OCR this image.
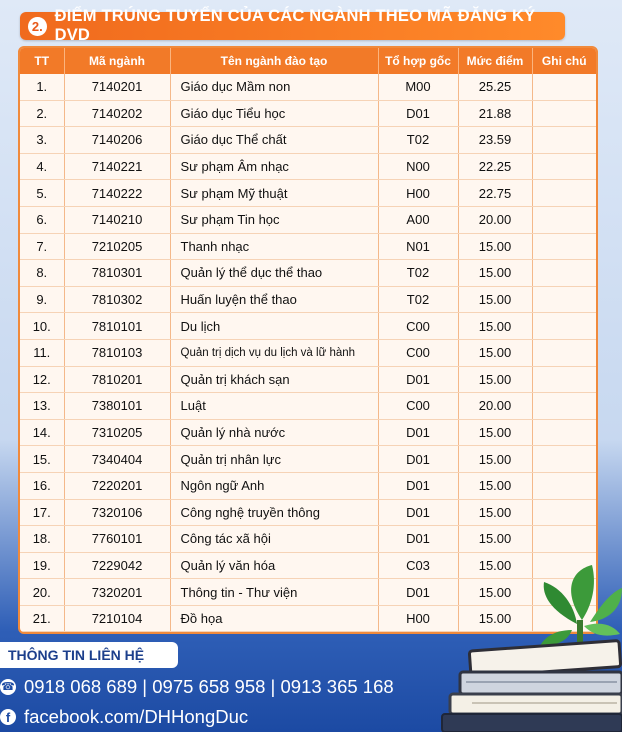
2.
ĐIỂM TRÚNG TUYỂN CỦA CÁC NGÀNH THEO MÃ ĐĂNG KÝ DVD
TT	Mã ngành	Tên ngành đào tạo	Tổ hợp gốc	Mức điểm	Ghi chú
1.	7140201	Giáo dục Mầm non	M00	25.25	
2.	7140202	Giáo dục Tiểu học	D01	21.88	
3.	7140206	Giáo dục Thể chất	T02	23.59	
4.	7140221	Sư phạm Âm nhạc	N00	22.25	
5.	7140222	Sư phạm Mỹ thuật	H00	22.75	
6.	7140210	Sư phạm Tin học	A00	20.00	
7.	7210205	Thanh nhạc	N01	15.00	
8.	7810301	Quản lý thể dục thể thao	T02	15.00	
9.	7810302	Huấn luyện thể thao	T02	15.00	
10.	7810101	Du lịch	C00	15.00	
11.	7810103	Quản trị dịch vụ du lịch và lữ hành	C00	15.00	
12.	7810201	Quản trị khách sạn	D01	15.00	
13.	7380101	Luật	C00	20.00	
14.	7310205	Quản lý nhà nước	D01	15.00	
15.	7340404	Quản trị nhân lực	D01	15.00	
16.	7220201	Ngôn ngữ Anh	D01	15.00	
17.	7320106	Công nghệ truyền thông	D01	15.00	
18.	7760101	Công tác xã hội	D01	15.00	
19.	7229042	Quản lý văn hóa	C03	15.00	
20.	7320201	Thông tin - Thư viện	D01	15.00	
21.	7210104	Đồ họa	H00	15.00	

THÔNG TIN LIÊN HỆ
☎ 0918 068 689 | 0975 658 958 | 0913 365 168
f facebook.com/DHHongDuc
